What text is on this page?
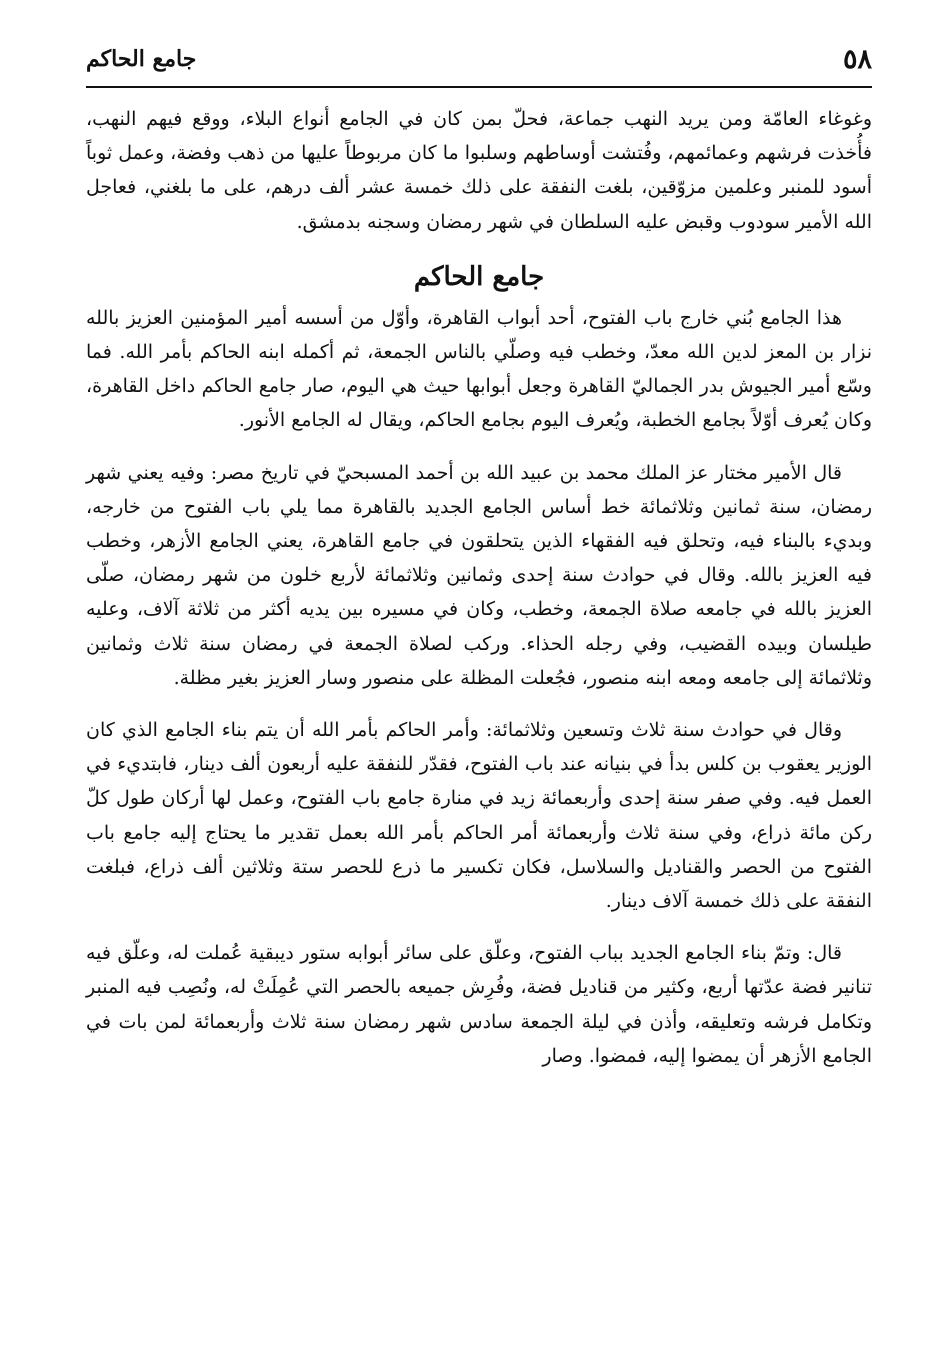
٥٨
جامع الحاكم

وغوغاء العامّة ومن يريد النهب جماعة، فحلّ بمن كان في الجامع أنواع البلاء، ووقع فيهم النهب، فأُخذت فرشهم وعمائمهم، وفُتشت أوساطهم وسلبوا ما كان مربوطاً عليها من ذهب وفضة، وعمل ثوباً أسود للمنبر وعلمين مزوّقين، بلغت النفقة على ذلك خمسة عشر ألف درهم، على ما بلغني، فعاجل الله الأمير سودوب وقبض عليه السلطان في شهر رمضان وسجنه بدمشق.

جامع الحاكم

هذا الجامع بُني خارج باب الفتوح، أحد أبواب القاهرة، وأوّل من أسسه أمير المؤمنين العزيز بالله نزار بن المعز لدين الله معدّ، وخطب فيه وصلّي بالناس الجمعة، ثم أكمله ابنه الحاكم بأمر الله. فما وسّع أمير الجيوش بدر الجماليّ القاهرة وجعل أبوابها حيث هي اليوم، صار جامع الحاكم داخل القاهرة، وكان يُعرف أوّلاً بجامع الخطبة، ويُعرف اليوم بجامع الحاكم، ويقال له الجامع الأنور.

قال الأمير مختار عز الملك محمد بن عبيد الله بن أحمد المسبحيّ في تاريخ مصر: وفيه يعني شهر رمضان، سنة ثمانين وثلاثمائة خط أساس الجامع الجديد بالقاهرة مما يلي باب الفتوح من خارجه، وبديء بالبناء فيه، وتحلق فيه الفقهاء الذين يتحلقون في جامع القاهرة، يعني الجامع الأزهر، وخطب فيه العزيز بالله. وقال في حوادث سنة إحدى وثمانين وثلاثمائة لأربع خلون من شهر رمضان، صلّى العزيز بالله في جامعه صلاة الجمعة، وخطب، وكان في مسيره بين يديه أكثر من ثلاثة آلاف، وعليه طيلسان وبيده القضيب، وفي رجله الحذاء. وركب لصلاة الجمعة في رمضان سنة ثلاث وثمانين وثلاثمائة إلى جامعه ومعه ابنه منصور، فجُعلت المظلة على منصور وسار العزيز بغير مظلة.

وقال في حوادث سنة ثلاث وتسعين وثلاثمائة: وأمر الحاكم بأمر الله أن يتم بناء الجامع الذي كان الوزير يعقوب بن كلس بدأ في بنيانه عند باب الفتوح، فقدّر للنفقة عليه أربعون ألف دينار، فابتديء في العمل فيه. وفي صفر سنة إحدى وأربعمائة زيد في منارة جامع باب الفتوح، وعمل لها أركان طول كلّ ركن مائة ذراع، وفي سنة ثلاث وأربعمائة أمر الحاكم بأمر الله بعمل تقدير ما يحتاج إليه جامع باب الفتوح من الحصر والقناديل والسلاسل، فكان تكسير ما ذرع للحصر ستة وثلاثين ألف ذراع، فبلغت النفقة على ذلك خمسة آلاف دينار.

قال: وتمّ بناء الجامع الجديد بباب الفتوح، وعلّق على سائر أبوابه ستور ديبقية عُملت له، وعلّق فيه تنانير فضة عدّتها أربع، وكثير من قناديل فضة، وفُرِش جميعه بالحصر التي عُمِلَتْ له، ونُصِب فيه المنبر وتكامل فرشه وتعليقه، وأذن في ليلة الجمعة سادس شهر رمضان سنة ثلاث وأربعمائة لمن بات في الجامع الأزهر أن يمضوا إليه، فمضوا. وصار
